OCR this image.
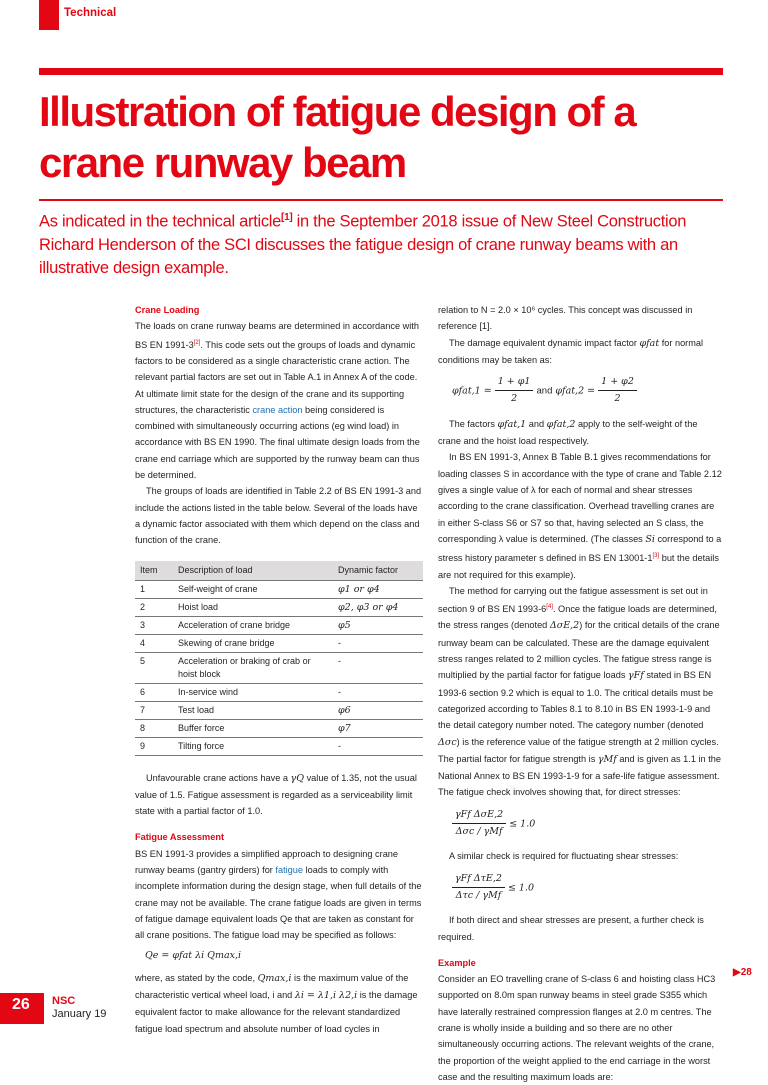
Technical
Illustration of fatigue design of a crane runway beam

As indicated in the technical article[1] in the September 2018 issue of New Steel Construction Richard Henderson of the SCI discusses the fatigue design of crane runway beams with an illustrative design example.

Crane Loading

The loads on crane runway beams are determined in accordance with BS EN 1991-3[2]. This code sets out the groups of loads and dynamic factors to be considered as a single characteristic crane action. The relevant partial factors are set out in Table A.1 in Annex A of the code. At ultimate limit state for the design of the crane and its supporting structures, the characteristic crane action being considered is combined with simultaneously occurring actions (eg wind load) in accordance with BS EN 1990. The final ultimate design loads from the crane end carriage which are supported by the runway beam can thus be determined.

The groups of loads are identified in Table 2.2 of BS EN 1991-3 and include the actions listed in the table below. Several of the loads have a dynamic factor associated with them which depend on the class and function of the crane.

Item	Description of load	Dynamic factor
1	Self-weight of crane	φ1 or φ4
2	Hoist load	φ2, φ3 or φ4
3	Acceleration of crane bridge	φ5
4	Skewing of crane bridge	-
5	Acceleration or braking of crab or hoist block	-
6	In-service wind	-
7	Test load	φ6
8	Buffer force	φ7
9	Tilting force	-

Unfavourable crane actions have a γQ value of 1.35, not the usual value of 1.5. Fatigue assessment is regarded as a serviceability limit state with a partial factor of 1.0.

Fatigue Assessment

BS EN 1991-3 provides a simplified approach to designing crane runway beams (gantry girders) for fatigue loads to comply with incomplete information during the design stage, when full details of the crane may not be available. The crane fatigue loads are given in terms of fatigue damage equivalent loads Qe that are taken as constant for all crane positions. The fatigue load may be specified as follows:

Qe = φfat λi Qmax,i

where, as stated by the code, Qmax,i is the maximum value of the characteristic vertical wheel load, i and λi = λ1,i λ2,i is the damage equivalent factor to make allowance for the relevant standardized fatigue load spectrum and absolute number of load cycles in

relation to N = 2.0 × 10⁶ cycles. This concept was discussed in reference [1].

The damage equivalent dynamic impact factor φfat for normal conditions may be taken as:

$\varphi fat,1 = \frac{1 + \varphi 1}{2}$ and $\varphi fat,2 = \frac{1 + \varphi 2}{2}$

The factors φfat,1 and φfat,2 apply to the self-weight of the crane and the hoist load respectively.

In BS EN 1991-3, Annex B Table B.1 gives recommendations for loading classes S in accordance with the type of crane and Table 2.12 gives a single value of λ for each of normal and shear stresses according to the crane classification. Overhead travelling cranes are in either S-class S6 or S7 so that, having selected an S class, the corresponding λ value is determined. (The classes Si correspond to a stress history parameter s defined in BS EN 13001-1[3] but the details are not required for this example).

The method for carrying out the fatigue assessment is set out in section 9 of BS EN 1993-6[4]. Once the fatigue loads are determined, the stress ranges (denoted ΔσE,2) for the critical details of the crane runway beam can be calculated. These are the damage equivalent stress ranges related to 2 million cycles. The fatigue stress range is multiplied by the partial factor for fatigue loads γFf stated in BS EN 1993-6 section 9.2 which is equal to 1.0. The critical details must be categorized according to Tables 8.1 to 8.10 in BS EN 1993-1-9 and the detail category number noted. The category number (denoted Δσc) is the reference value of the fatigue strength at 2 million cycles. The partial factor for fatigue strength is γMf and is given as 1.1 in the National Annex to BS EN 1993-1-9 for a safe-life fatigue assessment. The fatigue check involves showing that, for direct stresses:

$\frac{\text{γFf ΔσE,2}}{\text{Δσc / γMf}} \le 1.0$

A similar check is required for fluctuating shear stresses:

$\frac{\text{γFf ΔτE,2}}{\text{Δτc / γMf}} \le 1.0$

If both direct and shear stresses are present, a further check is required.

Example

Consider an EO travelling crane of S-class 6 and hoisting class HC3 supported on 8.0m span runway beams in steel grade S355 which have laterally restrained compression flanges at 2.0 m centres. The crane is wholly inside a building and so there are no other simultaneously occurring actions. The relevant weights of the crane, the proportion of the weight applied to the end carriage in the worst case and the resulting maximum loads are:

26 NSC
January 19
▶28
